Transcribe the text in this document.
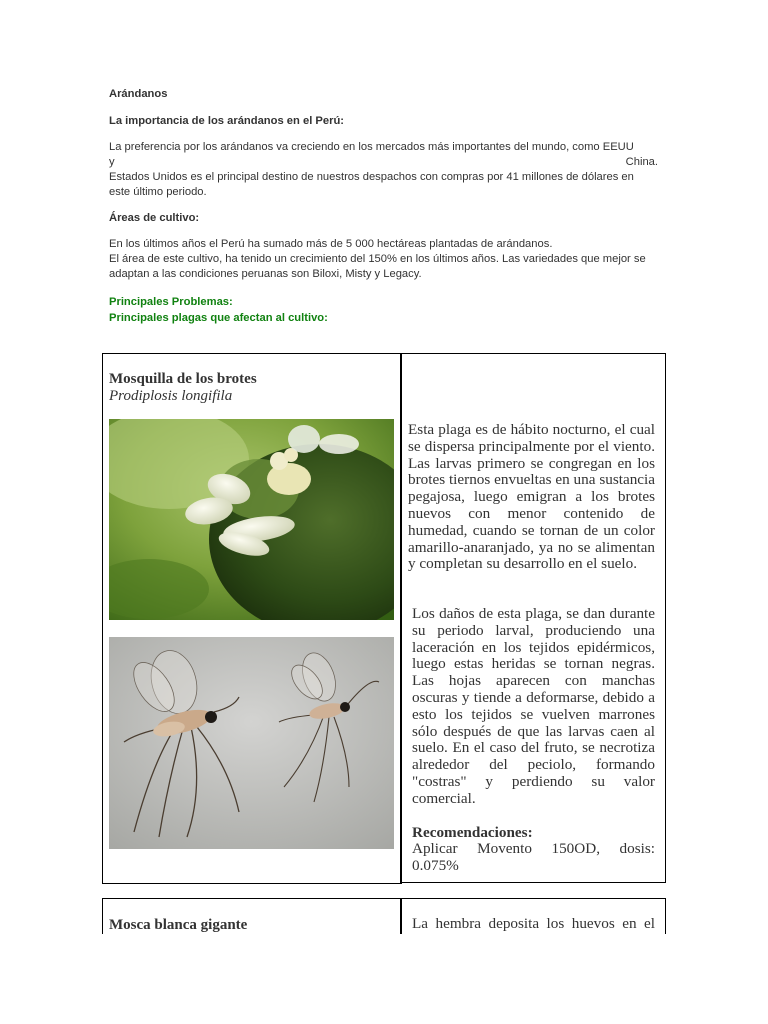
Arándanos
La importancia de los arándanos en el Perú:
La preferencia por los arándanos va creciendo en los mercados más importantes del mundo, como EEUU
y	China.
Estados Unidos es el principal destino de nuestros despachos con compras por 41 millones de dólares en este último periodo.
Áreas de cultivo:
En los últimos años el Perú ha sumado más de 5 000 hectáreas plantadas de arándanos.
El área de este cultivo, ha tenido un crecimiento del 150% en los últimos años. Las variedades que mejor se adaptan a las condiciones peruanas son Biloxi, Misty y Legacy.
Principales Problemas:
Principales plagas que afectan al cultivo:
Mosquilla de los brotes
Prodiplosis longifila
Esta plaga es de hábito nocturno, el cual se dispersa principalmente por el viento. Las larvas primero se congregan en los brotes tiernos envueltas en una sustancia pegajosa, luego emigran a los brotes nuevos con menor contenido de humedad, cuando se tornan de un color amarillo-anaranjado, ya no se alimentan y completan su desarrollo en el suelo.
Los daños de esta plaga, se dan durante su periodo larval, produciendo una laceración en los tejidos epidérmicos, luego estas heridas se tornan negras. Las hojas aparecen con manchas oscuras y tiende a deformarse, debido a esto los tejidos se vuelven marrones sólo después de que las larvas caen al suelo. En el caso del fruto, se necrotiza alrededor del peciolo, formando "costras" y perdiendo su valor comercial.
Recomendaciones:
Aplicar Movento 150OD, dosis: 0.075%
Mosca blanca gigante	La hembra deposita los huevos en el
